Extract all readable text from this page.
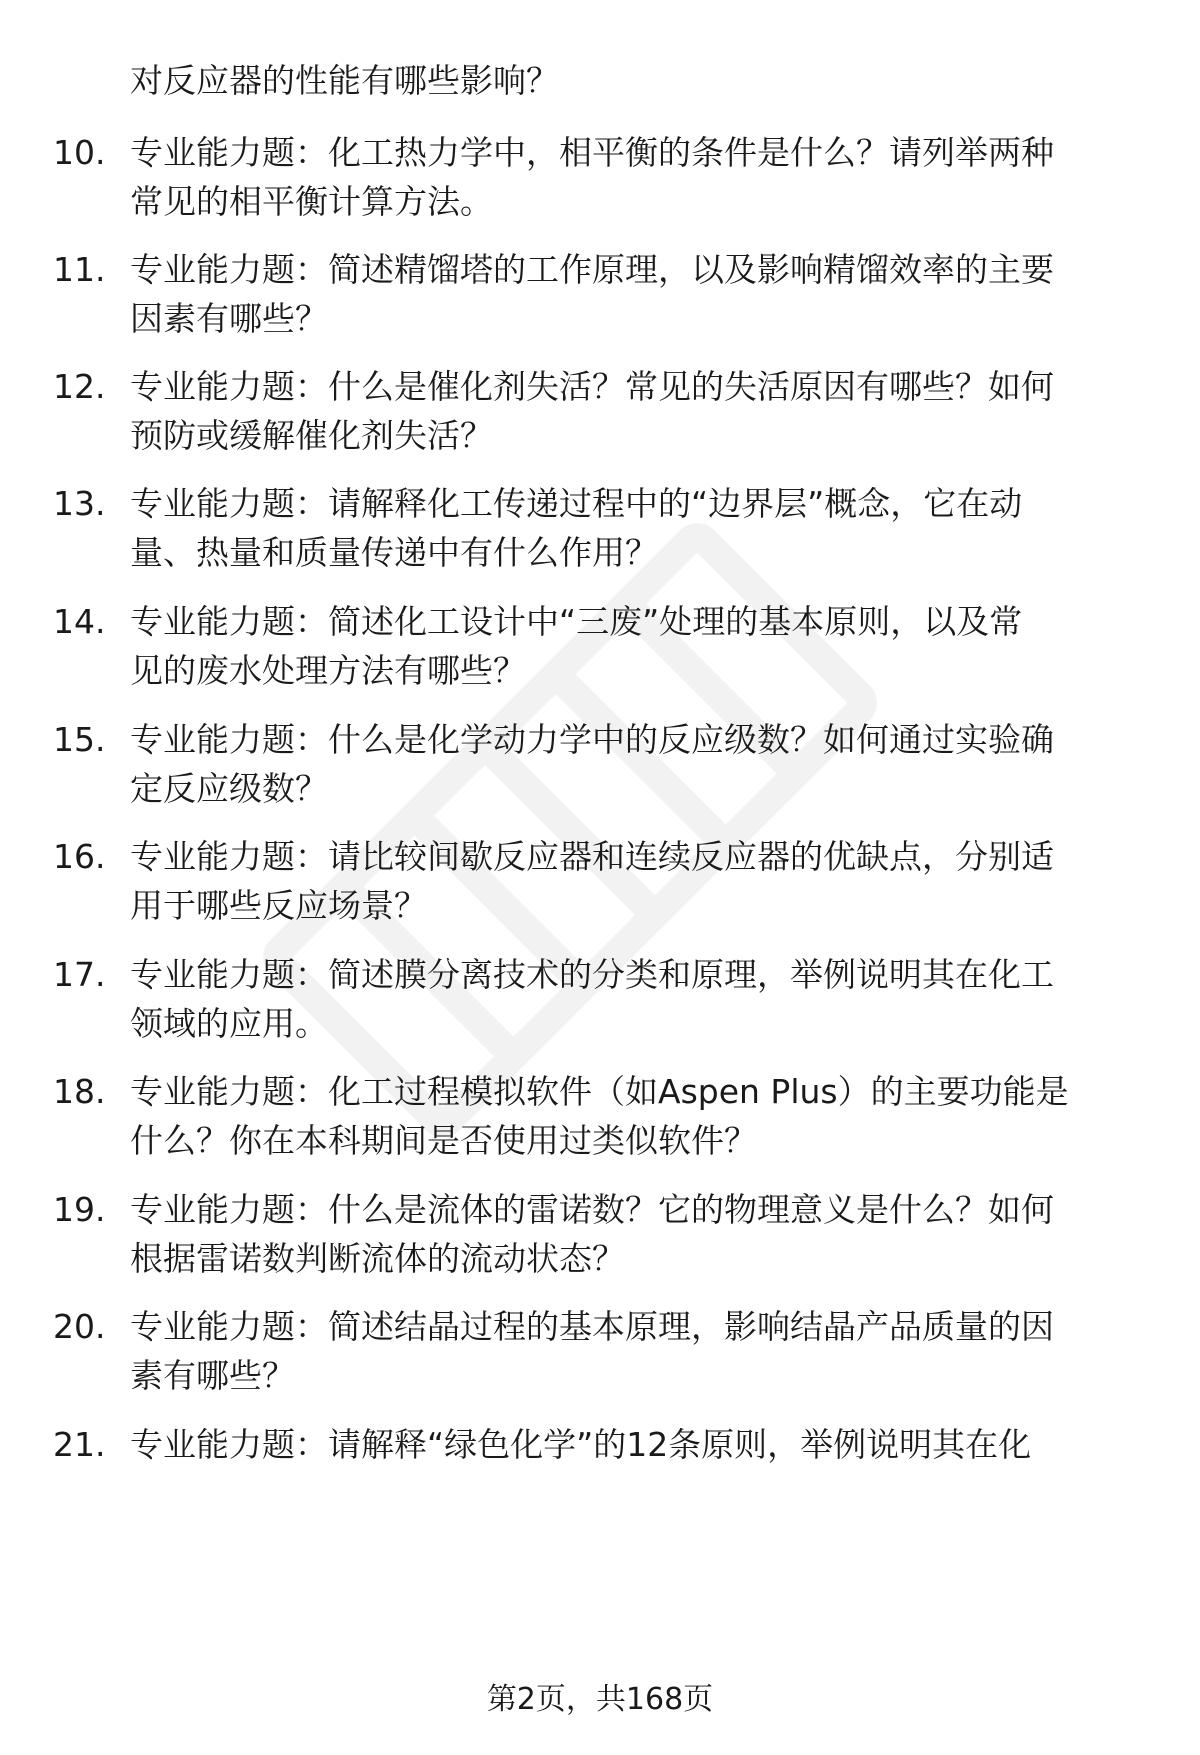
对反应器的性能有哪些影响？
10. 专业能力题：化工热力学中，相平衡的条件是什么？请列举两种
常见的相平衡计算方法。
11. 专业能力题：简述精馏塔的工作原理，以及影响精馏效率的主要
因素有哪些？
12. 专业能力题：什么是催化剂失活？常见的失活原因有哪些？如何
预防或缓解催化剂失活？
13. 专业能力题：请解释化工传递过程中的“边界层”概念，它在动
量、热量和质量传递中有什么作用？
14. 专业能力题：简述化工设计中“三废”处理的基本原则，以及常
见的废水处理方法有哪些？
15. 专业能力题：什么是化学动力学中的反应级数？如何通过实验确
定反应级数？
16. 专业能力题：请比较间歇反应器和连续反应器的优缺点，分别适
用于哪些反应场景？
17. 专业能力题：简述膜分离技术的分类和原理，举例说明其在化工
领域的应用。
18. 专业能力题：化工过程模拟软件（如Aspen Plus）的主要功能是
什么？你在本科期间是否使用过类似软件？
19. 专业能力题：什么是流体的雷诺数？它的物理意义是什么？如何
根据雷诺数判断流体的流动状态？
20. 专业能力题：简述结晶过程的基本原理，影响结晶产品质量的因
素有哪些？
21. 专业能力题：请解释“绿色化学”的12条原则，举例说明其在化
第2页，共168页
